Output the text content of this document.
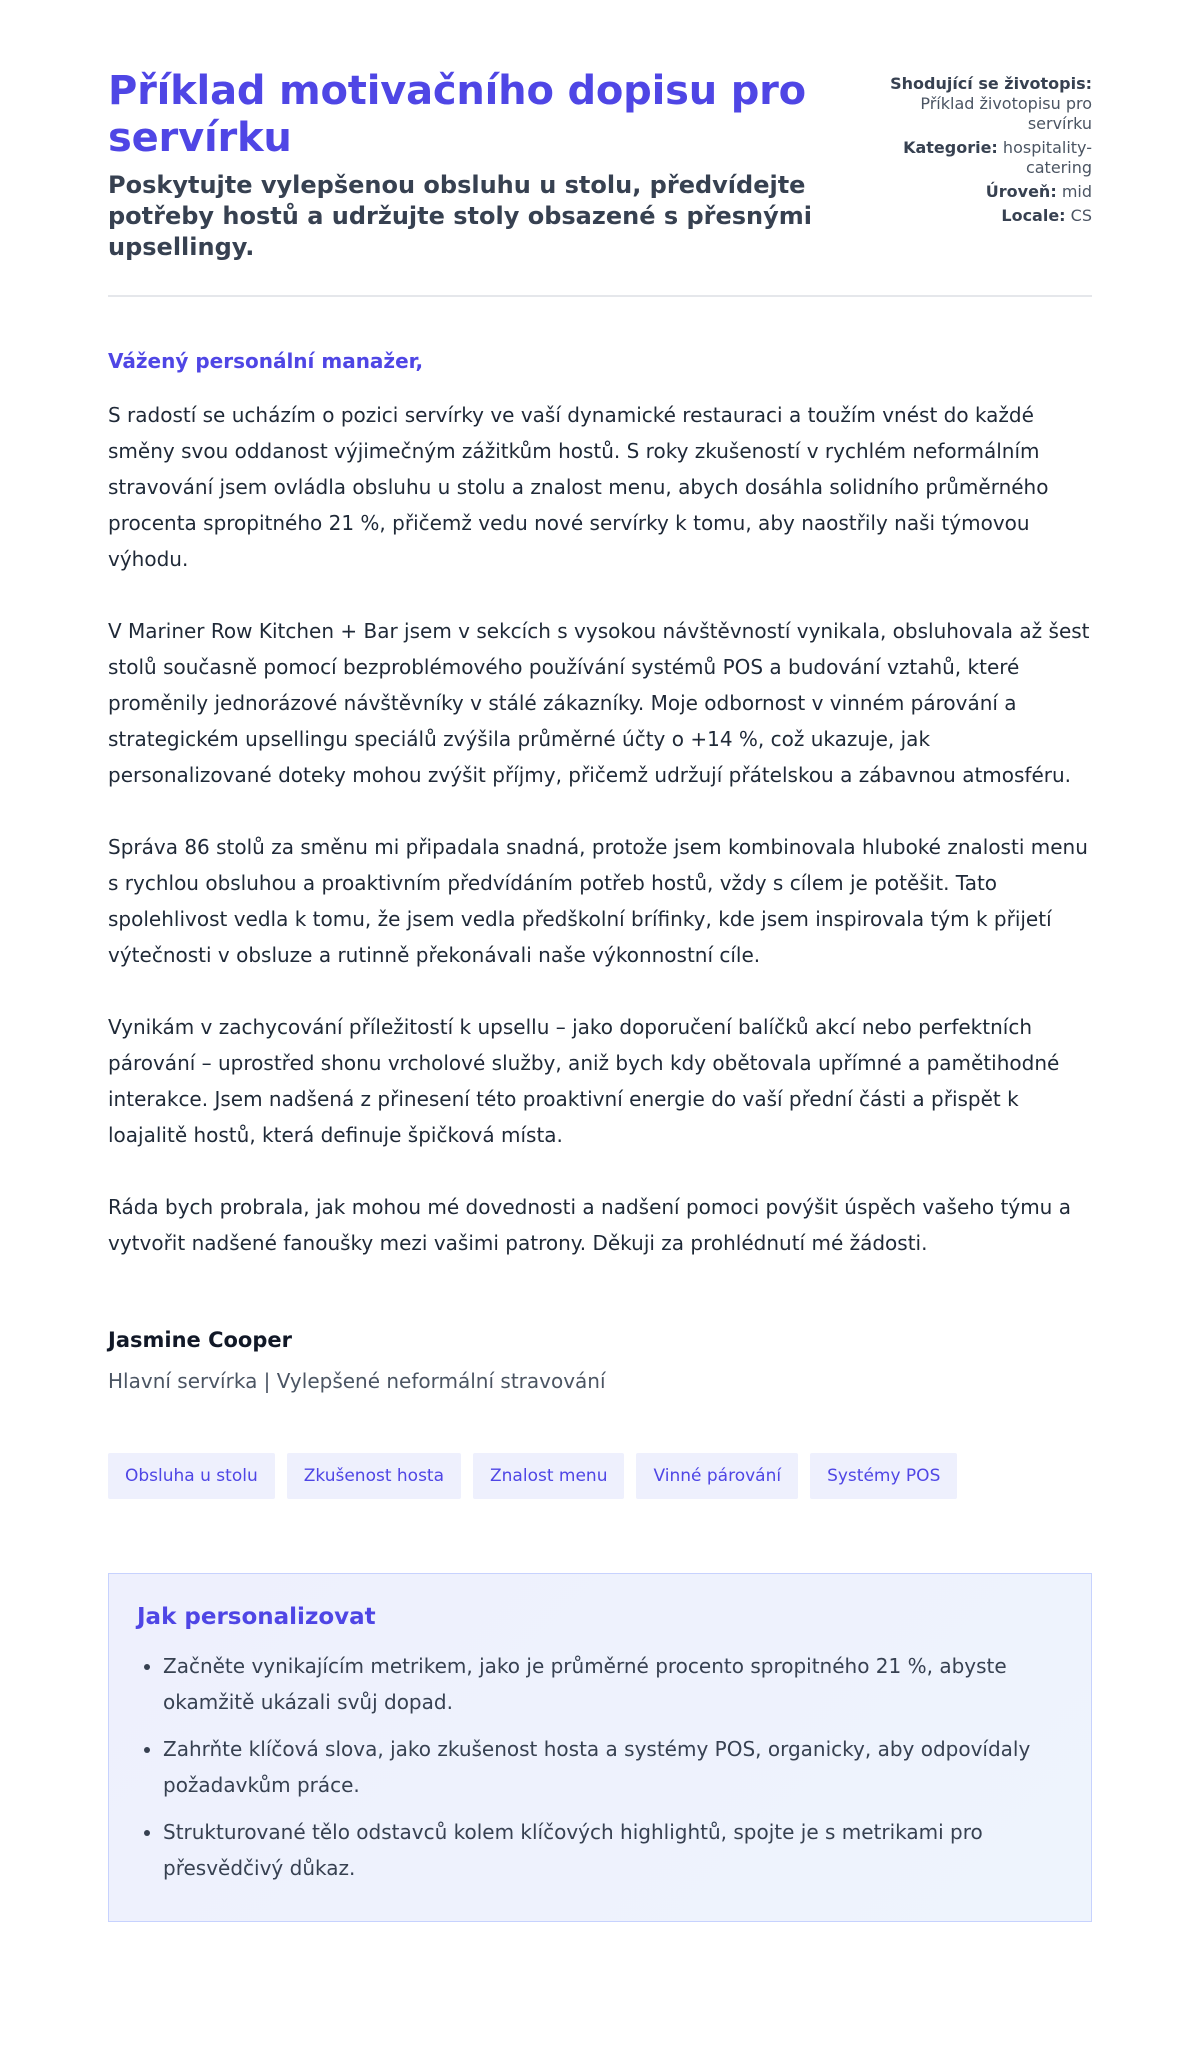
Příklad motivačního dopisu pro servírku
Poskytujte vylepšenou obsluhu u stolu, předvídejte potřeby hostů a udržujte stoly obsazené s přesnými upsellingy.
Shodující se životopis: Příklad životopisu pro servírku
Kategorie: hospitality-catering
Úroveň: mid
Locale: CS

Vážený personální manažer,

S radostí se ucházím o pozici servírky ve vaší dynamické restauraci a toužím vnést do každé směny svou oddanost výjimečným zážitkům hostů. S roky zkušeností v rychlém neformálním stravování jsem ovládla obsluhu u stolu a znalost menu, abych dosáhla solidního průměrného procenta spropitného 21 %, přičemž vedu nové servírky k tomu, aby naostřily naši týmovou výhodu.

V Mariner Row Kitchen + Bar jsem v sekcích s vysokou návštěvností vynikala, obsluhovala až šest stolů současně pomocí bezproblémového používání systémů POS a budování vztahů, které proměnily jednorázové návštěvníky v stálé zákazníky. Moje odbornost v vinném párování a strategickém upsellingu speciálů zvýšila průměrné účty o +14 %, což ukazuje, jak personalizované doteky mohou zvýšit příjmy, přičemž udržují přátelskou a zábavnou atmosféru.

Správa 86 stolů za směnu mi připadala snadná, protože jsem kombinovala hluboké znalosti menu s rychlou obsluhou a proaktivním předvídáním potřeb hostů, vždy s cílem je potěšit. Tato spolehlivost vedla k tomu, že jsem vedla předškolní brífinky, kde jsem inspirovala tým k přijetí výtečnosti v obsluze a rutinně překonávali naše výkonnostní cíle.

Vynikám v zachycování příležitostí k upsellu – jako doporučení balíčků akcí nebo perfektních párování – uprostřed shonu vrcholové služby, aniž bych kdy obětovala upřímné a pamětihodné interakce. Jsem nadšená z přinesení této proaktivní energie do vaší přední části a přispět k loajalitě hostů, která definuje špičková místa.

Ráda bych probrala, jak mohou mé dovednosti a nadšení pomoci povýšit úspěch vašeho týmu a vytvořit nadšené fanoušky mezi vašimi patrony. Děkuji za prohlédnutí mé žádosti.

Jasmine Cooper
Hlavní servírka | Vylepšené neformální stravování
Obsluha u stolu	Zkušenost hosta	Znalost menu	Vinné párování	Systémy POS
Jak personalizovat
• Začněte vynikajícím metrikem, jako je průměrné procento spropitného 21 %, abyste okamžitě ukázali svůj dopad.
• Zahrňte klíčová slova, jako zkušenost hosta a systémy POS, organicky, aby odpovídaly požadavkům práce.
• Strukturované tělo odstavců kolem klíčových highlightů, spojte je s metrikami pro přesvědčivý důkaz.
